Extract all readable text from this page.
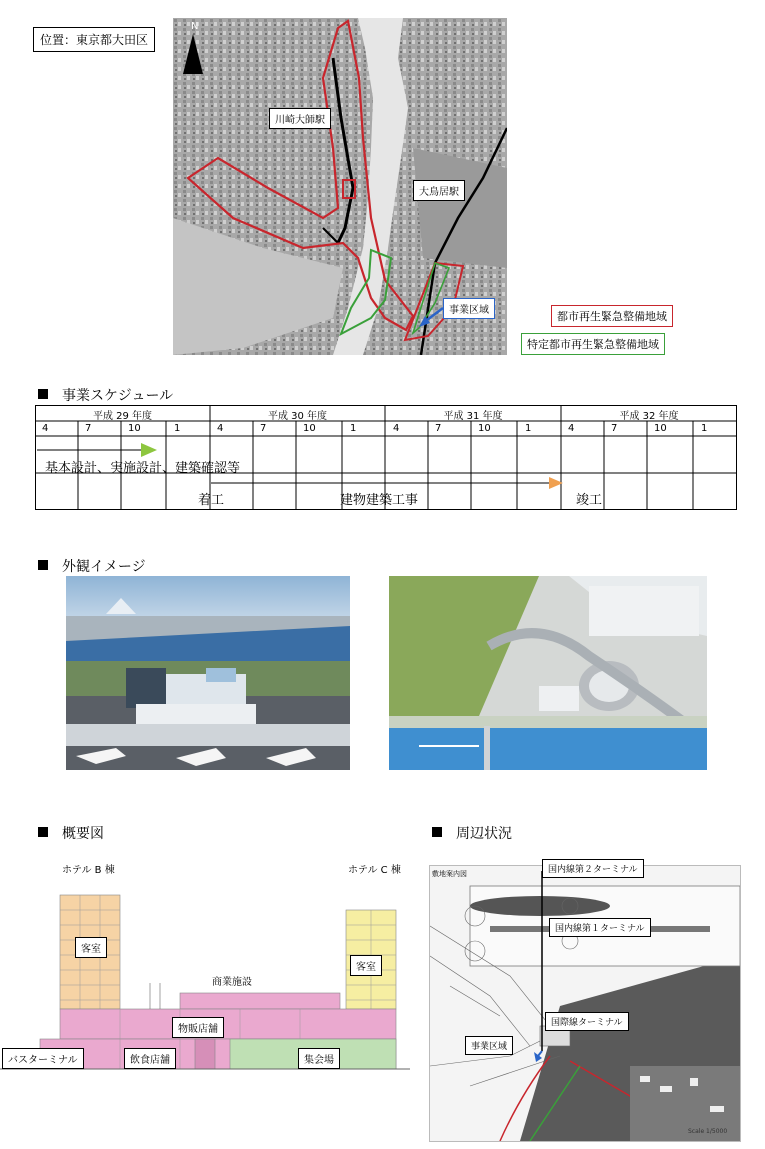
位置：東京都大田区
N
川崎大師駅
大鳥居駅
事業区域	都市再生緊急整備地域
特定都市再生緊急整備地域
事業スケジュール
平成 29 年度	平成 30 年度	平成 31 年度	平成 32 年度
4	7	10	1	4	7	10	1	4	7	10	1	4	7	10	1
基本設計、実施設計、建築確認等
着工	建物建築工事	竣工
外観イメージ
概要図
ホテル B 棟	ホテル C 棟
商業施設
客室
客室
物販店舗
飲食店舗	集会場
バスターミナル
周辺状況
敷地案内図	国内線第２ターミナル
国内線第１ターミナル
国際線ターミナル
事業区域
Scale 1/5000
